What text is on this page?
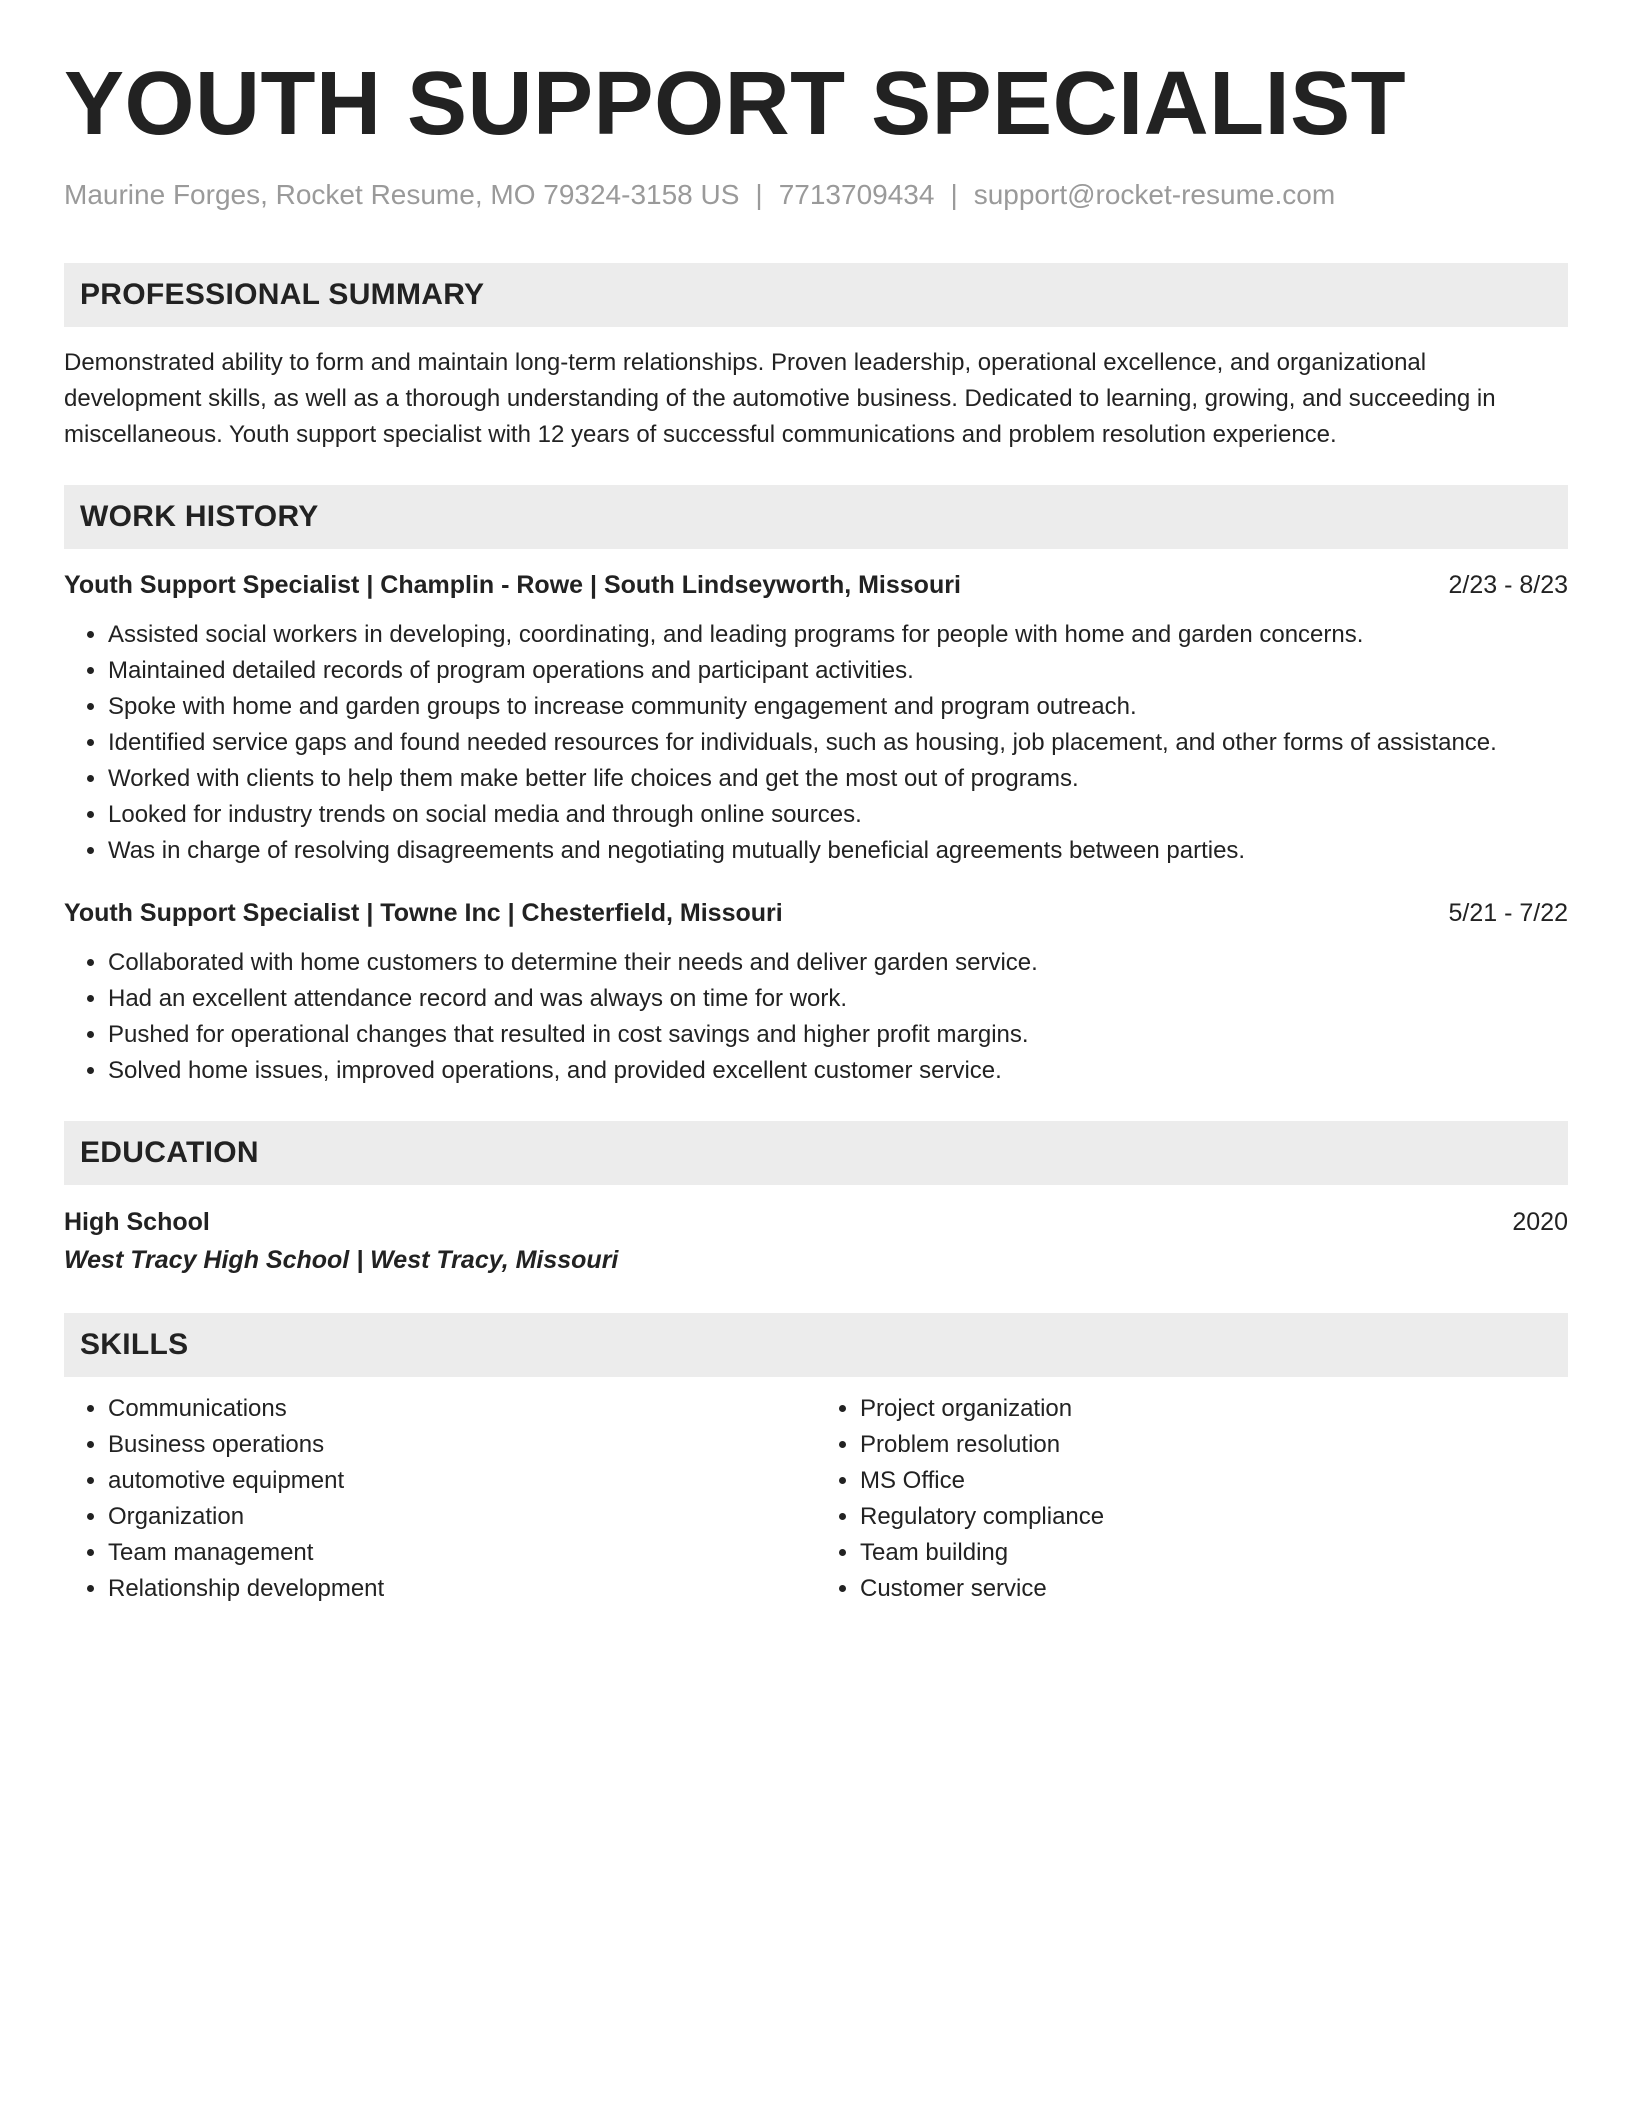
YOUTH SUPPORT SPECIALIST
Maurine Forges, Rocket Resume, MO 79324-3158 US | 7713709434 | support@rocket-resume.com
PROFESSIONAL SUMMARY
Demonstrated ability to form and maintain long-term relationships. Proven leadership, operational excellence, and organizational development skills, as well as a thorough understanding of the automotive business. Dedicated to learning, growing, and succeeding in miscellaneous. Youth support specialist with 12 years of successful communications and problem resolution experience.
WORK HISTORY
Youth Support Specialist | Champlin - Rowe | South Lindseyworth, Missouri	2/23 - 8/23
• Assisted social workers in developing, coordinating, and leading programs for people with home and garden concerns.
• Maintained detailed records of program operations and participant activities.
• Spoke with home and garden groups to increase community engagement and program outreach.
• Identified service gaps and found needed resources for individuals, such as housing, job placement, and other forms of assistance.
• Worked with clients to help them make better life choices and get the most out of programs.
• Looked for industry trends on social media and through online sources.
• Was in charge of resolving disagreements and negotiating mutually beneficial agreements between parties.
Youth Support Specialist | Towne Inc | Chesterfield, Missouri	5/21 - 7/22
• Collaborated with home customers to determine their needs and deliver garden service.
• Had an excellent attendance record and was always on time for work.
• Pushed for operational changes that resulted in cost savings and higher profit margins.
• Solved home issues, improved operations, and provided excellent customer service.
EDUCATION
High School	2020
West Tracy High School | West Tracy, Missouri
SKILLS
• Communications
• Business operations
• automotive equipment
• Organization
• Team management
• Relationship development
• Project organization
• Problem resolution
• MS Office
• Regulatory compliance
• Team building
• Customer service
